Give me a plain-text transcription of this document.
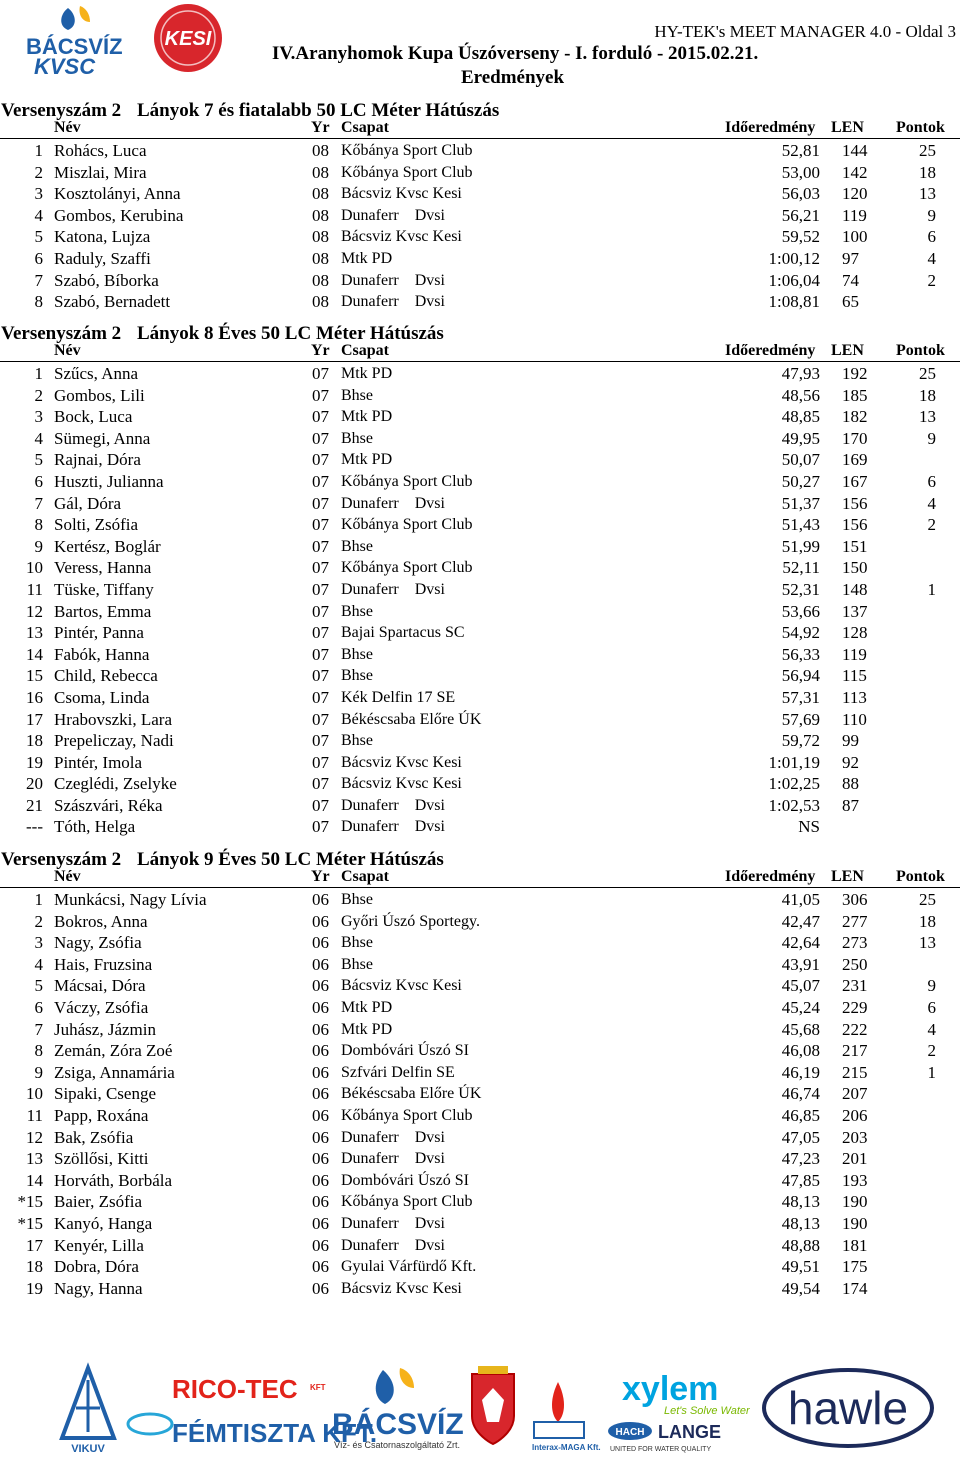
BÁCSVÍZ
KVSC
KESI	HY-TEK's MEET MANAGER 4.0 - Oldal 3
IV.Aranyhomok Kupa Úszóverseny - I. forduló - 2015.02.21.
Eredmények
Versenyszám 2 Lányok 7 és fiatalabb 50 LC Méter Hátúszás
Név	Yr Csapat	Időeredmény LEN Pontok
1 Rohács, Luca	08 Kőbánya Sport Club	52,81 144	25
2 Miszlai, Mira	08 Kőbánya Sport Club	53,00 142	18
3 Kosztolányi, Anna	08 Bácsviz Kvsc Kesi	56,03 120	13
4 Gombos, Kerubina	08 Dunaferr    Dvsi	56,21 119	9
5 Katona, Lujza	08 Bácsviz Kvsc Kesi	59,52 100	6
6 Raduly, Szaffi	08 Mtk PD	1:00,12 97	4
7 Szabó, Bíborka	08 Dunaferr    Dvsi	1:06,04 74	2
8 Szabó, Bernadett	08 Dunaferr    Dvsi	1:08,81 65
Versenyszám 2 Lányok 8 Éves 50 LC Méter Hátúszás
Név	Yr Csapat	Időeredmény LEN Pontok
1 Szűcs, Anna	07 Mtk PD	47,93 192	25
2 Gombos, Lili	07 Bhse	48,56 185	18
3 Bock, Luca	07 Mtk PD	48,85 182	13
4 Sümegi, Anna	07 Bhse	49,95 170	9
5 Rajnai, Dóra	07 Mtk PD	50,07 169
6 Huszti, Julianna	07 Kőbánya Sport Club	50,27 167	6
7 Gál, Dóra	07 Dunaferr    Dvsi	51,37 156	4
8 Solti, Zsófia	07 Kőbánya Sport Club	51,43 156	2
9 Kertész, Boglár	07 Bhse	51,99 151
10 Veress, Hanna	07 Kőbánya Sport Club	52,11 150
11 Tüske, Tiffany	07 Dunaferr    Dvsi	52,31 148	1
12 Bartos, Emma	07 Bhse	53,66 137
13 Pintér, Panna	07 Bajai Spartacus SC	54,92 128
14 Fabók, Hanna	07 Bhse	56,33 119
15 Child, Rebecca	07 Bhse	56,94 115
16 Csoma, Linda	07 Kék Delfin 17 SE	57,31 113
17 Hrabovszki, Lara	07 Békéscsaba Előre ÚK	57,69 110
18 Prepeliczay, Nadi	07 Bhse	59,72 99
19 Pintér, Imola	07 Bácsviz Kvsc Kesi	1:01,19 92
20 Czeglédi, Zselyke	07 Bácsviz Kvsc Kesi	1:02,25 88
21 Szászvári, Réka	07 Dunaferr    Dvsi	1:02,53 87
--- Tóth, Helga	07 Dunaferr    Dvsi	NS
Versenyszám 2 Lányok 9 Éves 50 LC Méter Hátúszás
Név	Yr Csapat	Időeredmény LEN Pontok
1 Munkácsi, Nagy Lívia	06 Bhse	41,05 306	25
2 Bokros, Anna	06 Győri Úszó Sportegy.	42,47 277	18
3 Nagy, Zsófia	06 Bhse	42,64 273	13
4 Hais, Fruzsina	06 Bhse	43,91 250
5 Mácsai, Dóra	06 Bácsviz Kvsc Kesi	45,07 231	9
6 Váczy, Zsófia	06 Mtk PD	45,24 229	6
7 Juhász, Jázmin	06 Mtk PD	45,68 222	4
8 Zemán, Zóra Zoé	06 Dombóvári Úszó SI	46,08 217	2
9 Zsiga, Annamária	06 Szfvári Delfin SE	46,19 215	1
10 Sipaki, Csenge	06 Békéscsaba Előre ÚK	46,74 207
11 Papp, Roxána	06 Kőbánya Sport Club	46,85 206
12 Bak, Zsófia	06 Dunaferr    Dvsi	47,05 203
13 Szöllősi, Kitti	06 Dunaferr    Dvsi	47,23 201
14 Horváth, Borbála	06 Dombóvári Úszó SI	47,85 193
*15 Baier, Zsófia	06 Kőbánya Sport Club	48,13 190
*15 Kanyó, Hanga	06 Dunaferr    Dvsi	48,13 190
17 Kenyér, Lilla	06 Dunaferr    Dvsi	48,88 181
18 Dobra, Dóra	06 Gyulai Várfürdő Kft.	49,51 175
19 Nagy, Hanna	06 Bácsviz Kvsc Kesi	49,54 174
VIKUV
RICO-TEC KFT
FÉMTISZTA KFT.
BÁCSVÍZ
Víz- és Csatornaszolgáltató Zrt.	Interax-MAGA Kft.
xylem
Let's Solve Water
HACH LANGE
UNITED FOR WATER QUALITY
hawle
